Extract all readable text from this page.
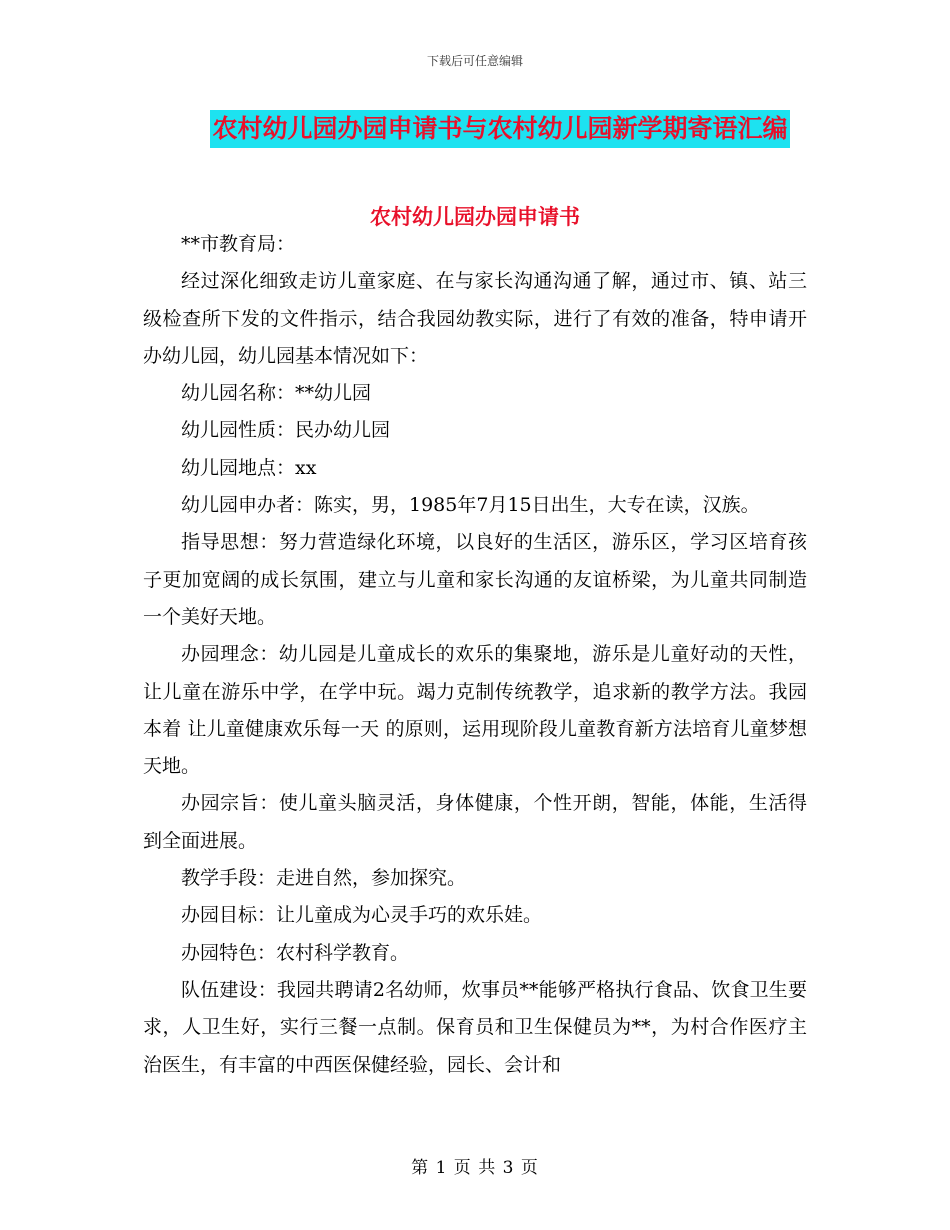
下载后可任意编辑
农村幼儿园办园申请书与农村幼儿园新学期寄语汇编
农村幼儿园办园申请书

**市教育局：

经过深化细致走访儿童家庭、在与家长沟通沟通了解，通过市、镇、站三级检查所下发的文件指示，结合我园幼教实际，进行了有效的准备，特申请开办幼儿园，幼儿园基本情况如下：

幼儿园名称：**幼儿园

幼儿园性质：民办幼儿园

幼儿园地点：xx

幼儿园申办者：陈实，男，1985年7月15日出生，大专在读，汉族。

指导思想：努力营造绿化环境，以良好的生活区，游乐区，学习区培育孩子更加宽阔的成长氛围，建立与儿童和家长沟通的友谊桥梁，为儿童共同制造一个美好天地。

办园理念：幼儿园是儿童成长的欢乐的集聚地，游乐是儿童好动的天性，让儿童在游乐中学，在学中玩。竭力克制传统教学，追求新的教学方法。我园本着 让儿童健康欢乐每一天 的原则，运用现阶段儿童教育新方法培育儿童梦想天地。

办园宗旨：使儿童头脑灵活，身体健康，个性开朗，智能，体能，生活得到全面进展。

教学手段：走进自然，参加探究。

办园目标：让儿童成为心灵手巧的欢乐娃。

办园特色：农村科学教育。

队伍建设：我园共聘请2名幼师，炊事员**能够严格执行食品、饮食卫生要求，人卫生好，实行三餐一点制。保育员和卫生保健员为**，为村合作医疗主治医生，有丰富的中西医保健经验，园长、会计和

第 1 页 共 3 页
